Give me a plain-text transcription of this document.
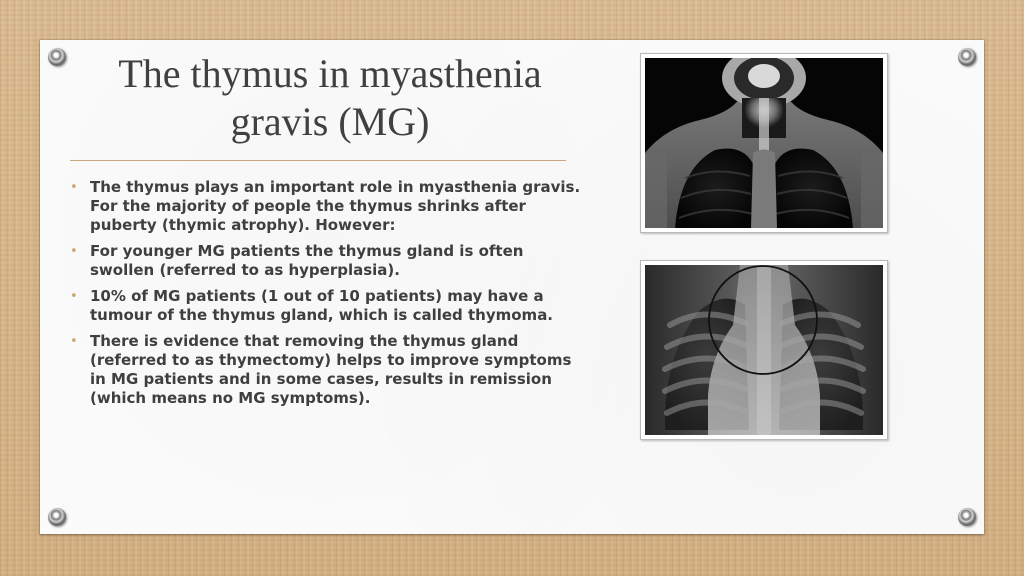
The thymus in myasthenia gravis (MG)
• The thymus plays an important role in myasthenia gravis. For the majority of people the thymus shrinks after puberty (thymic atrophy). However:
• For younger MG patients the thymus gland is often swollen (referred to as hyperplasia).
• 10% of MG patients (1 out of 10 patients) may have a tumour of the thymus gland, which is called thymoma.
• There is evidence that removing the thymus gland (referred to as thymectomy) helps to improve symptoms in MG patients and in some cases, results in remission (which means no MG symptoms).
